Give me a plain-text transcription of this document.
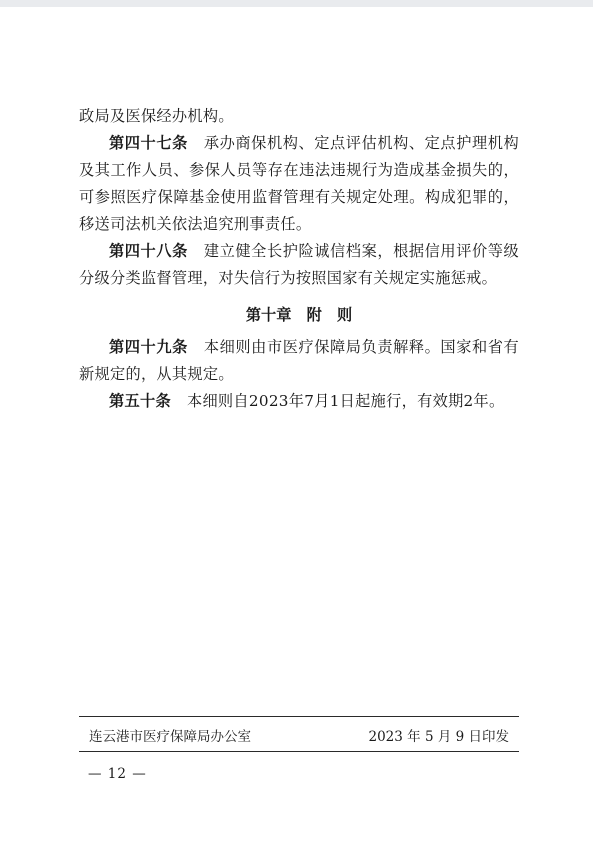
政局及医保经办机构。

第四十七条 承办商保机构、定点评估机构、定点护理机构及其工作人员、参保人员等存在违法违规行为造成基金损失的，可参照医疗保障基金使用监督管理有关规定处理。构成犯罪的，移送司法机关依法追究刑事责任。

第四十八条 建立健全长护险诚信档案，根据信用评价等级分级分类监督管理，对失信行为按照国家有关规定实施惩戒。

第十章　附　则

第四十九条 本细则由市医疗保障局负责解释。国家和省有新规定的，从其规定。

第五十条 本细则自2023年7月1日起施行，有效期2年。

连云港市医疗保障局办公室	2023 年 5 月 9 日印发
— 12 —
